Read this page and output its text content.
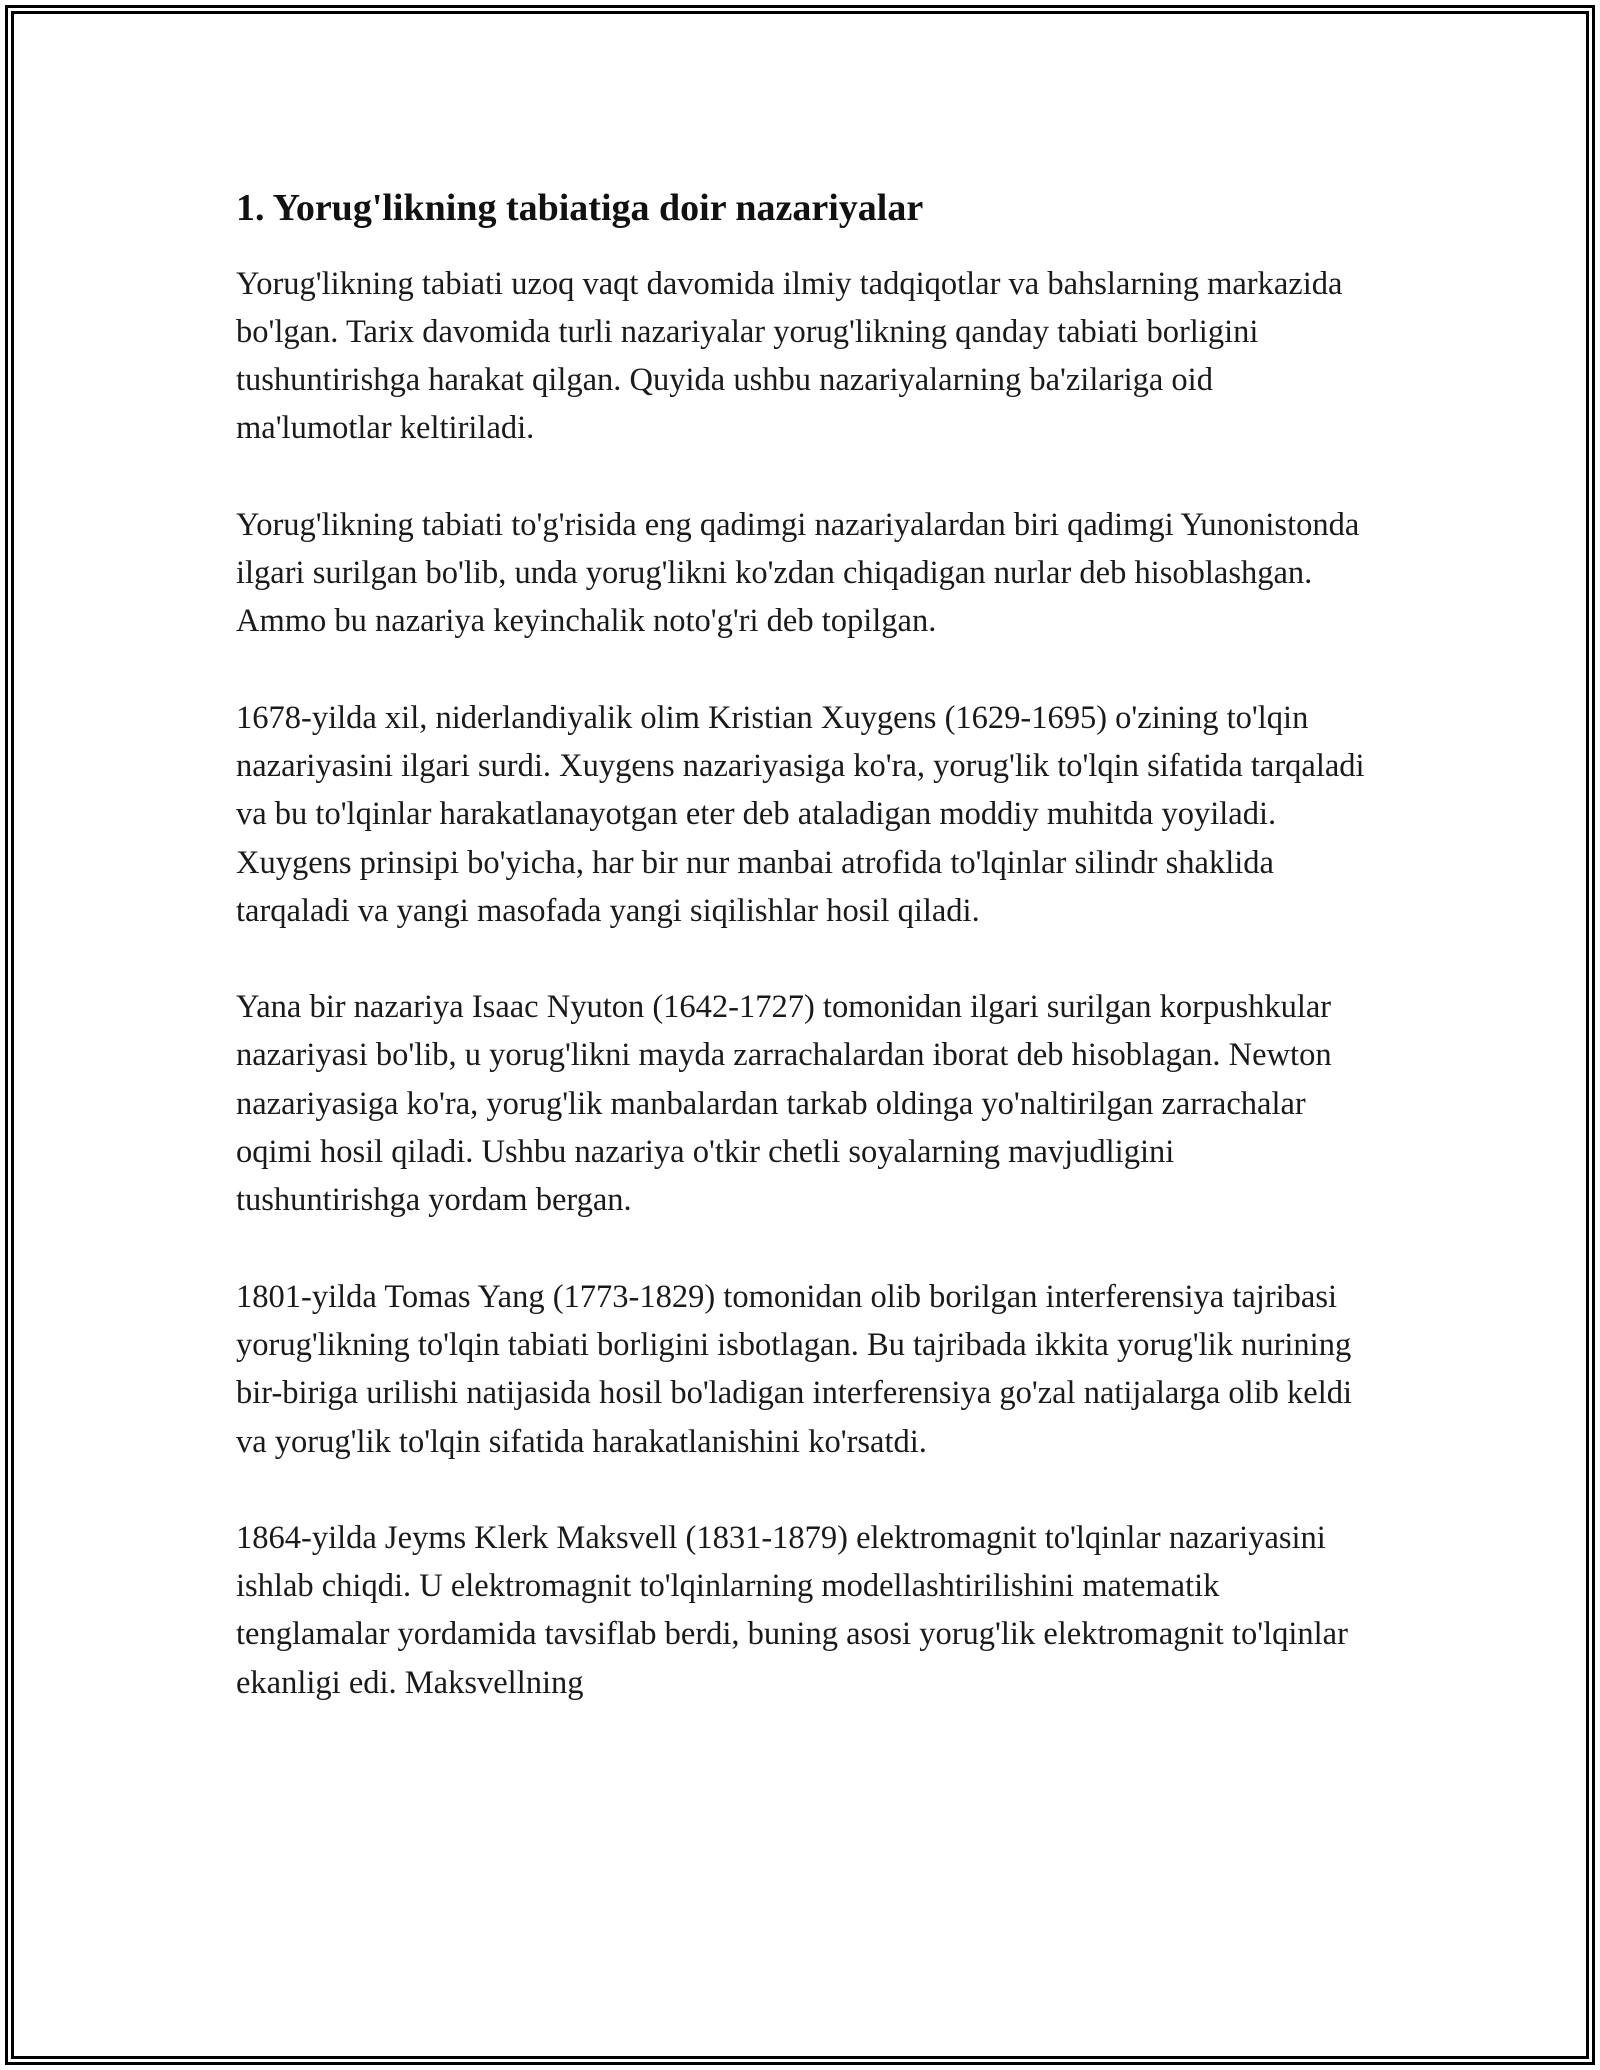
1. Yorug'likning tabiatiga doir nazariyalar

Yorug'likning tabiati uzoq vaqt davomida ilmiy tadqiqotlar va bahslarning markazida bo'lgan. Tarix davomida turli nazariyalar yorug'likning qanday tabiati borligini tushuntirishga harakat qilgan. Quyida ushbu nazariyalarning ba'zilariga oid ma'lumotlar keltiriladi.

Yorug'likning tabiati to'g'risida eng qadimgi nazariyalardan biri qadimgi Yunonistonda ilgari surilgan bo'lib, unda yorug'likni ko'zdan chiqadigan nurlar deb hisoblashgan. Ammo bu nazariya keyinchalik noto'g'ri deb topilgan.

1678-yilda xil, niderlandiyalik olim Kristian Xuygens (1629-1695) o'zining to'lqin nazariyasini ilgari surdi. Xuygens nazariyasiga ko'ra, yorug'lik to'lqin sifatida tarqaladi va bu to'lqinlar harakatlanayotgan eter deb ataladigan moddiy muhitda yoyiladi. Xuygens prinsipi bo'yicha, har bir nur manbai atrofida to'lqinlar silindr shaklida tarqaladi va yangi masofada yangi siqilishlar hosil qiladi.

Yana bir nazariya Isaac Nyuton (1642-1727) tomonidan ilgari surilgan korpushkular nazariyasi bo'lib, u yorug'likni mayda zarrachalardan iborat deb hisoblagan. Newton nazariyasiga ko'ra, yorug'lik manbalardan tarkab oldinga yo'naltirilgan zarrachalar oqimi hosil qiladi. Ushbu nazariya o'tkir chetli soyalarning mavjudligini tushuntirishga yordam bergan.

1801-yilda Tomas Yang (1773-1829) tomonidan olib borilgan interferensiya tajribasi yorug'likning to'lqin tabiati borligini isbotlagan. Bu tajribada ikkita yorug'lik nurining bir-biriga urilishi natijasida hosil bo'ladigan interferensiya go'zal natijalarga olib keldi va yorug'lik to'lqin sifatida harakatlanishini ko'rsatdi.

1864-yilda Jeyms Klerk Maksvell (1831-1879) elektromagnit to'lqinlar nazariyasini ishlab chiqdi. U elektromagnit to'lqinlarning modellashtirilishini matematik tenglamalar yordamida tavsiflab berdi, buning asosi yorug'lik elektromagnit to'lqinlar ekanligi edi. Maksvellning
